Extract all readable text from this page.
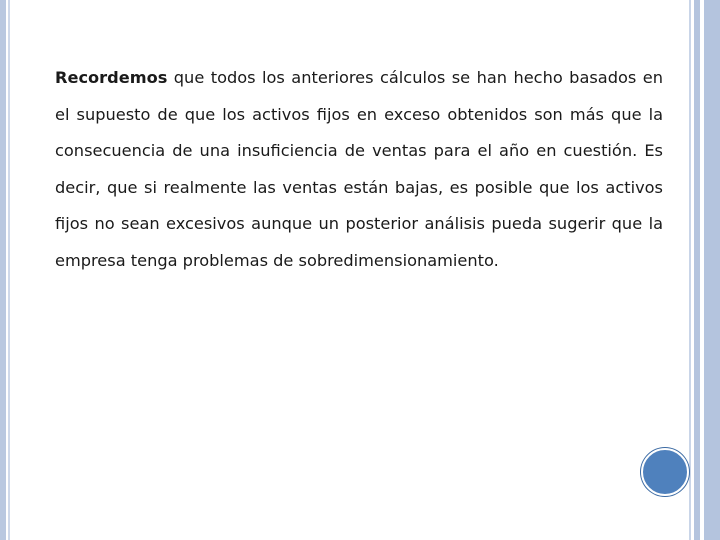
Recordemos que todos los anteriores cálculos se han hecho basados en el supuesto de que los activos fijos en exceso obtenidos son más que la consecuencia de una insuficiencia de ventas para el año en cuestión. Es decir, que si realmente las ventas están bajas, es posible que los activos fijos no sean excesivos aunque un posterior análisis pueda sugerir que la empresa tenga problemas de sobredimensionamiento.
